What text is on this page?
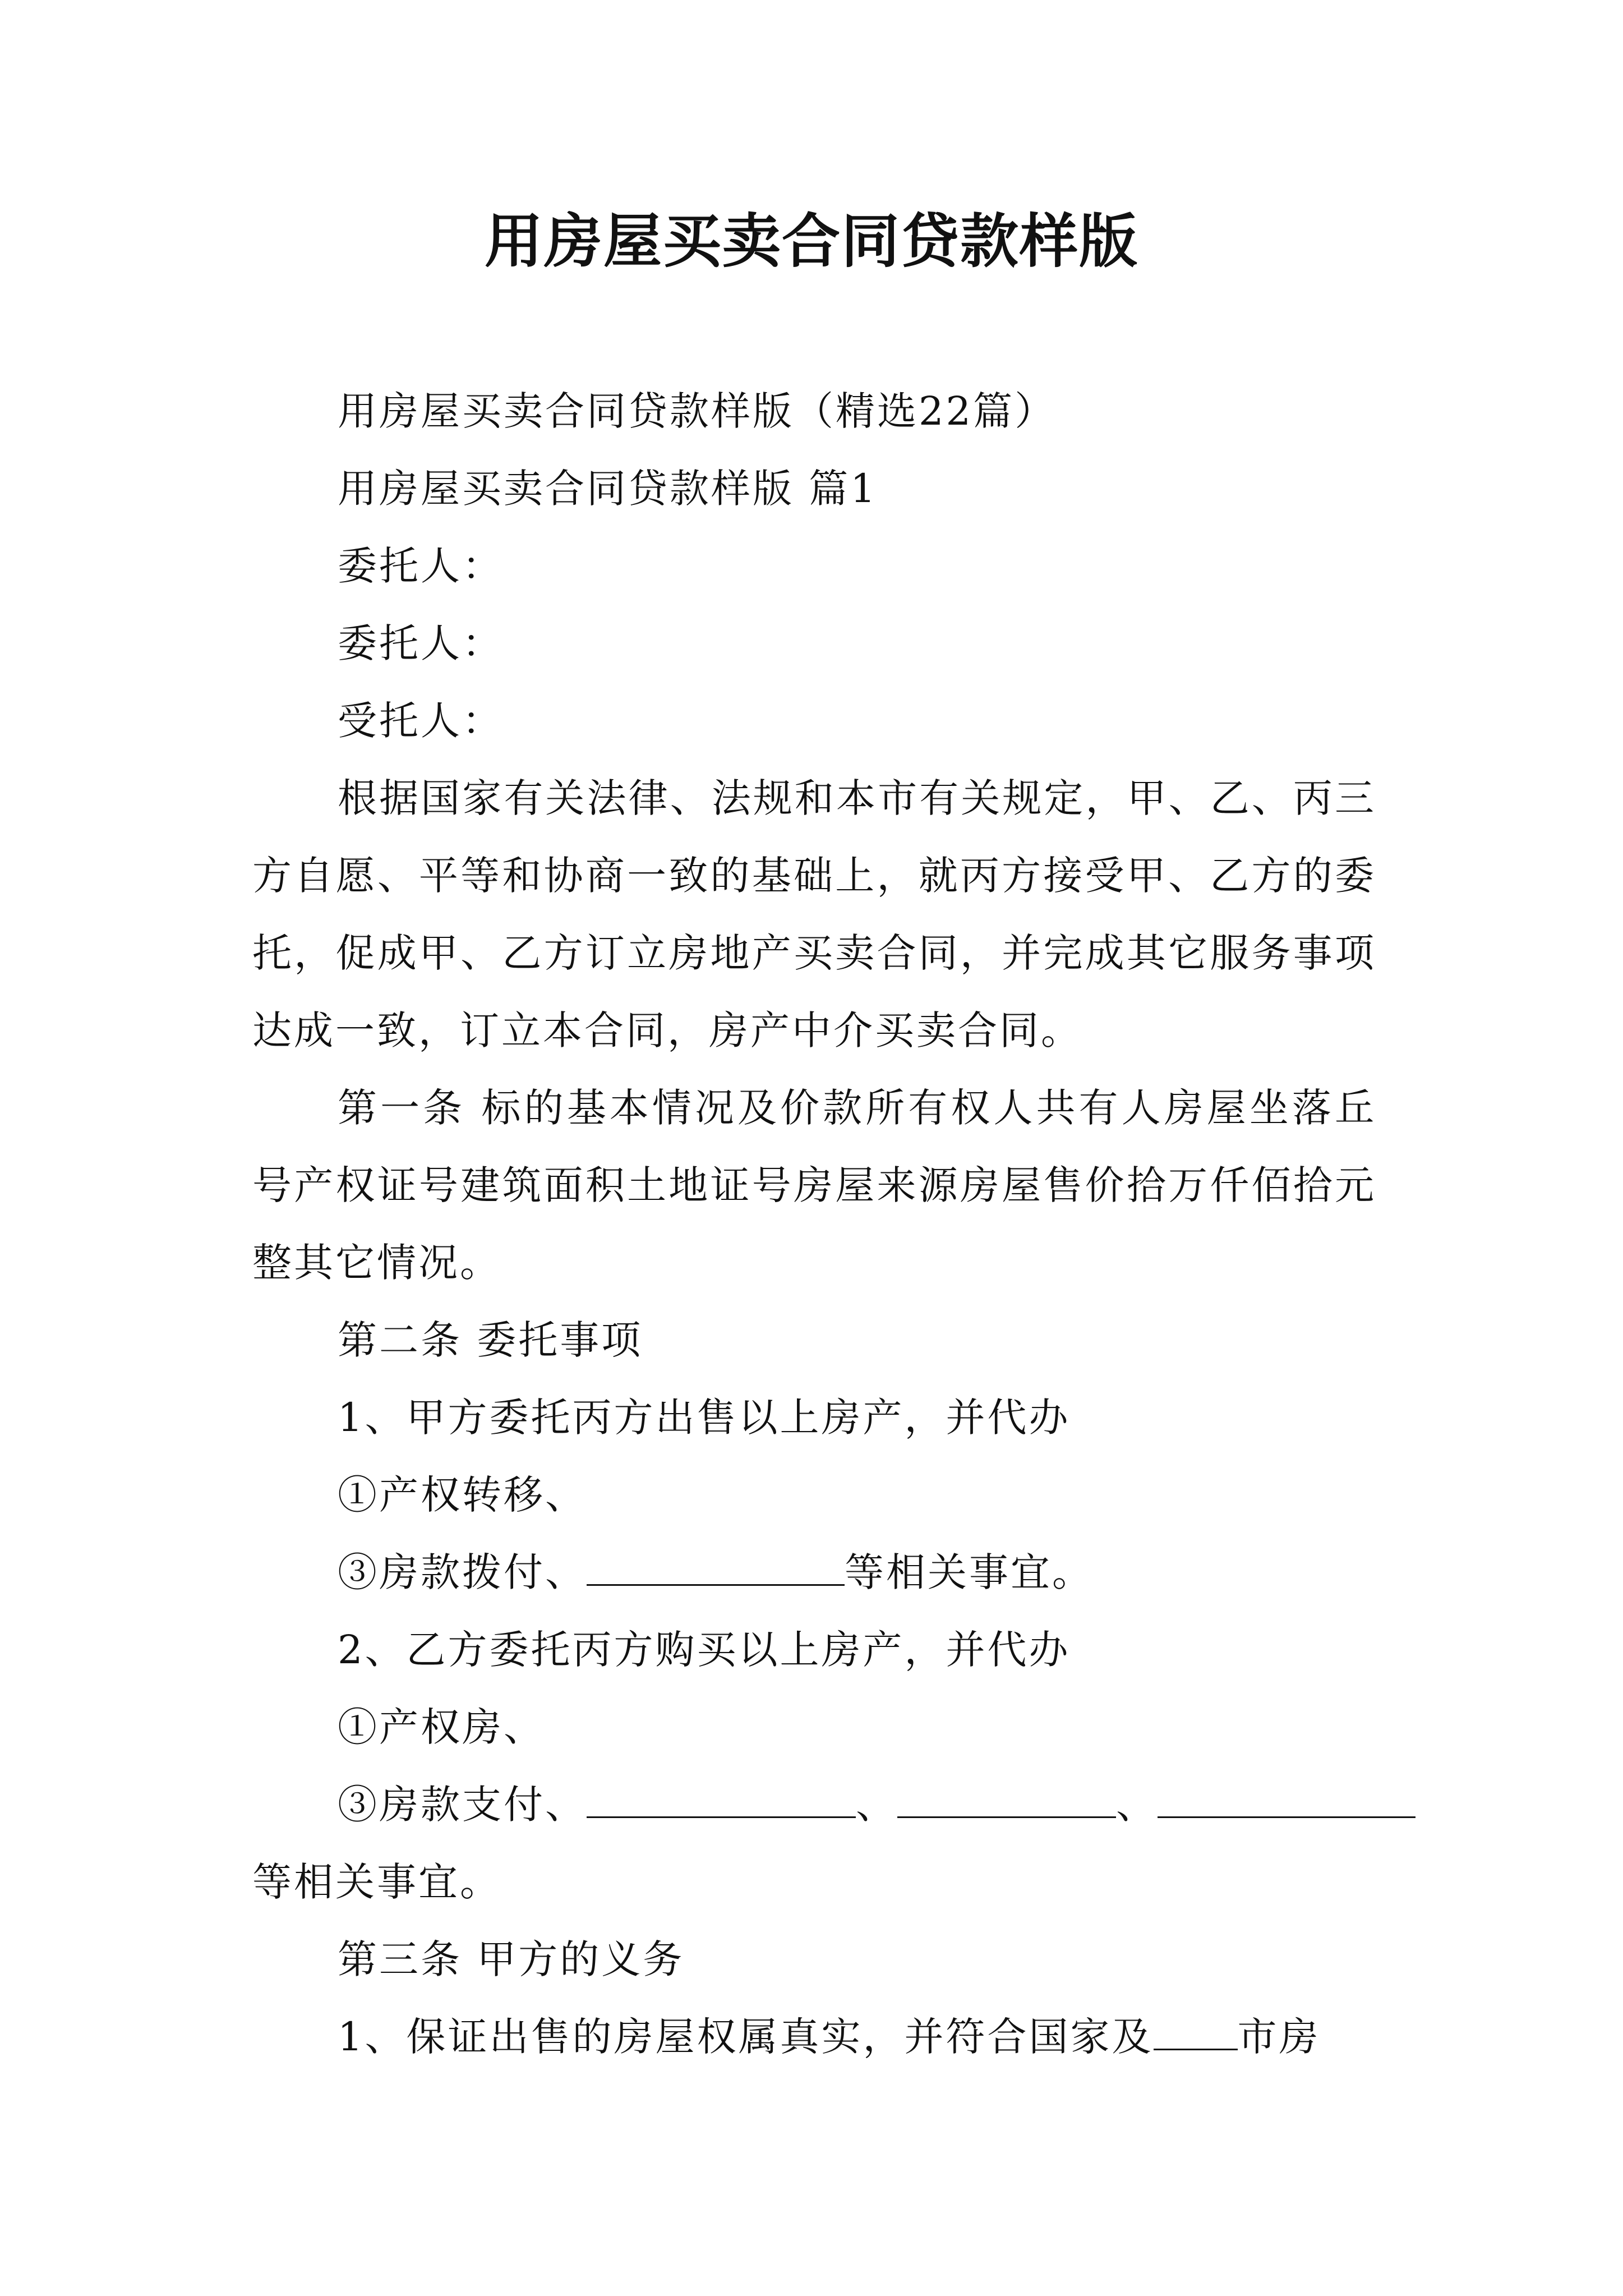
用房屋买卖合同贷款样版

用房屋买卖合同贷款样版（精选22篇）

用房屋买卖合同贷款样版 篇1

委托人：

委托人：

受托人：

根据国家有关法律、法规和本市有关规定，甲、乙、丙三方自愿、平等和协商一致的基础上，就丙方接受甲、乙方的委托，促成甲、乙方订立房地产买卖合同，并完成其它服务事项达成一致，订立本合同，房产中介买卖合同。

第一条 标的基本情况及价款所有权人共有人房屋坐落丘号产权证号建筑面积土地证号房屋来源房屋售价拾万仟佰拾元整其它情况。

第二条 委托事项

1、甲方委托丙方出售以上房产，并代办

①产权转移、

③房款拨付、	等相关事宜。

2、乙方委托丙方购买以上房产，并代办

①产权房、

③房款支付、	、	、

等相关事宜。

第三条 甲方的义务

1、保证出售的房屋权属真实，并符合国家及 市房
